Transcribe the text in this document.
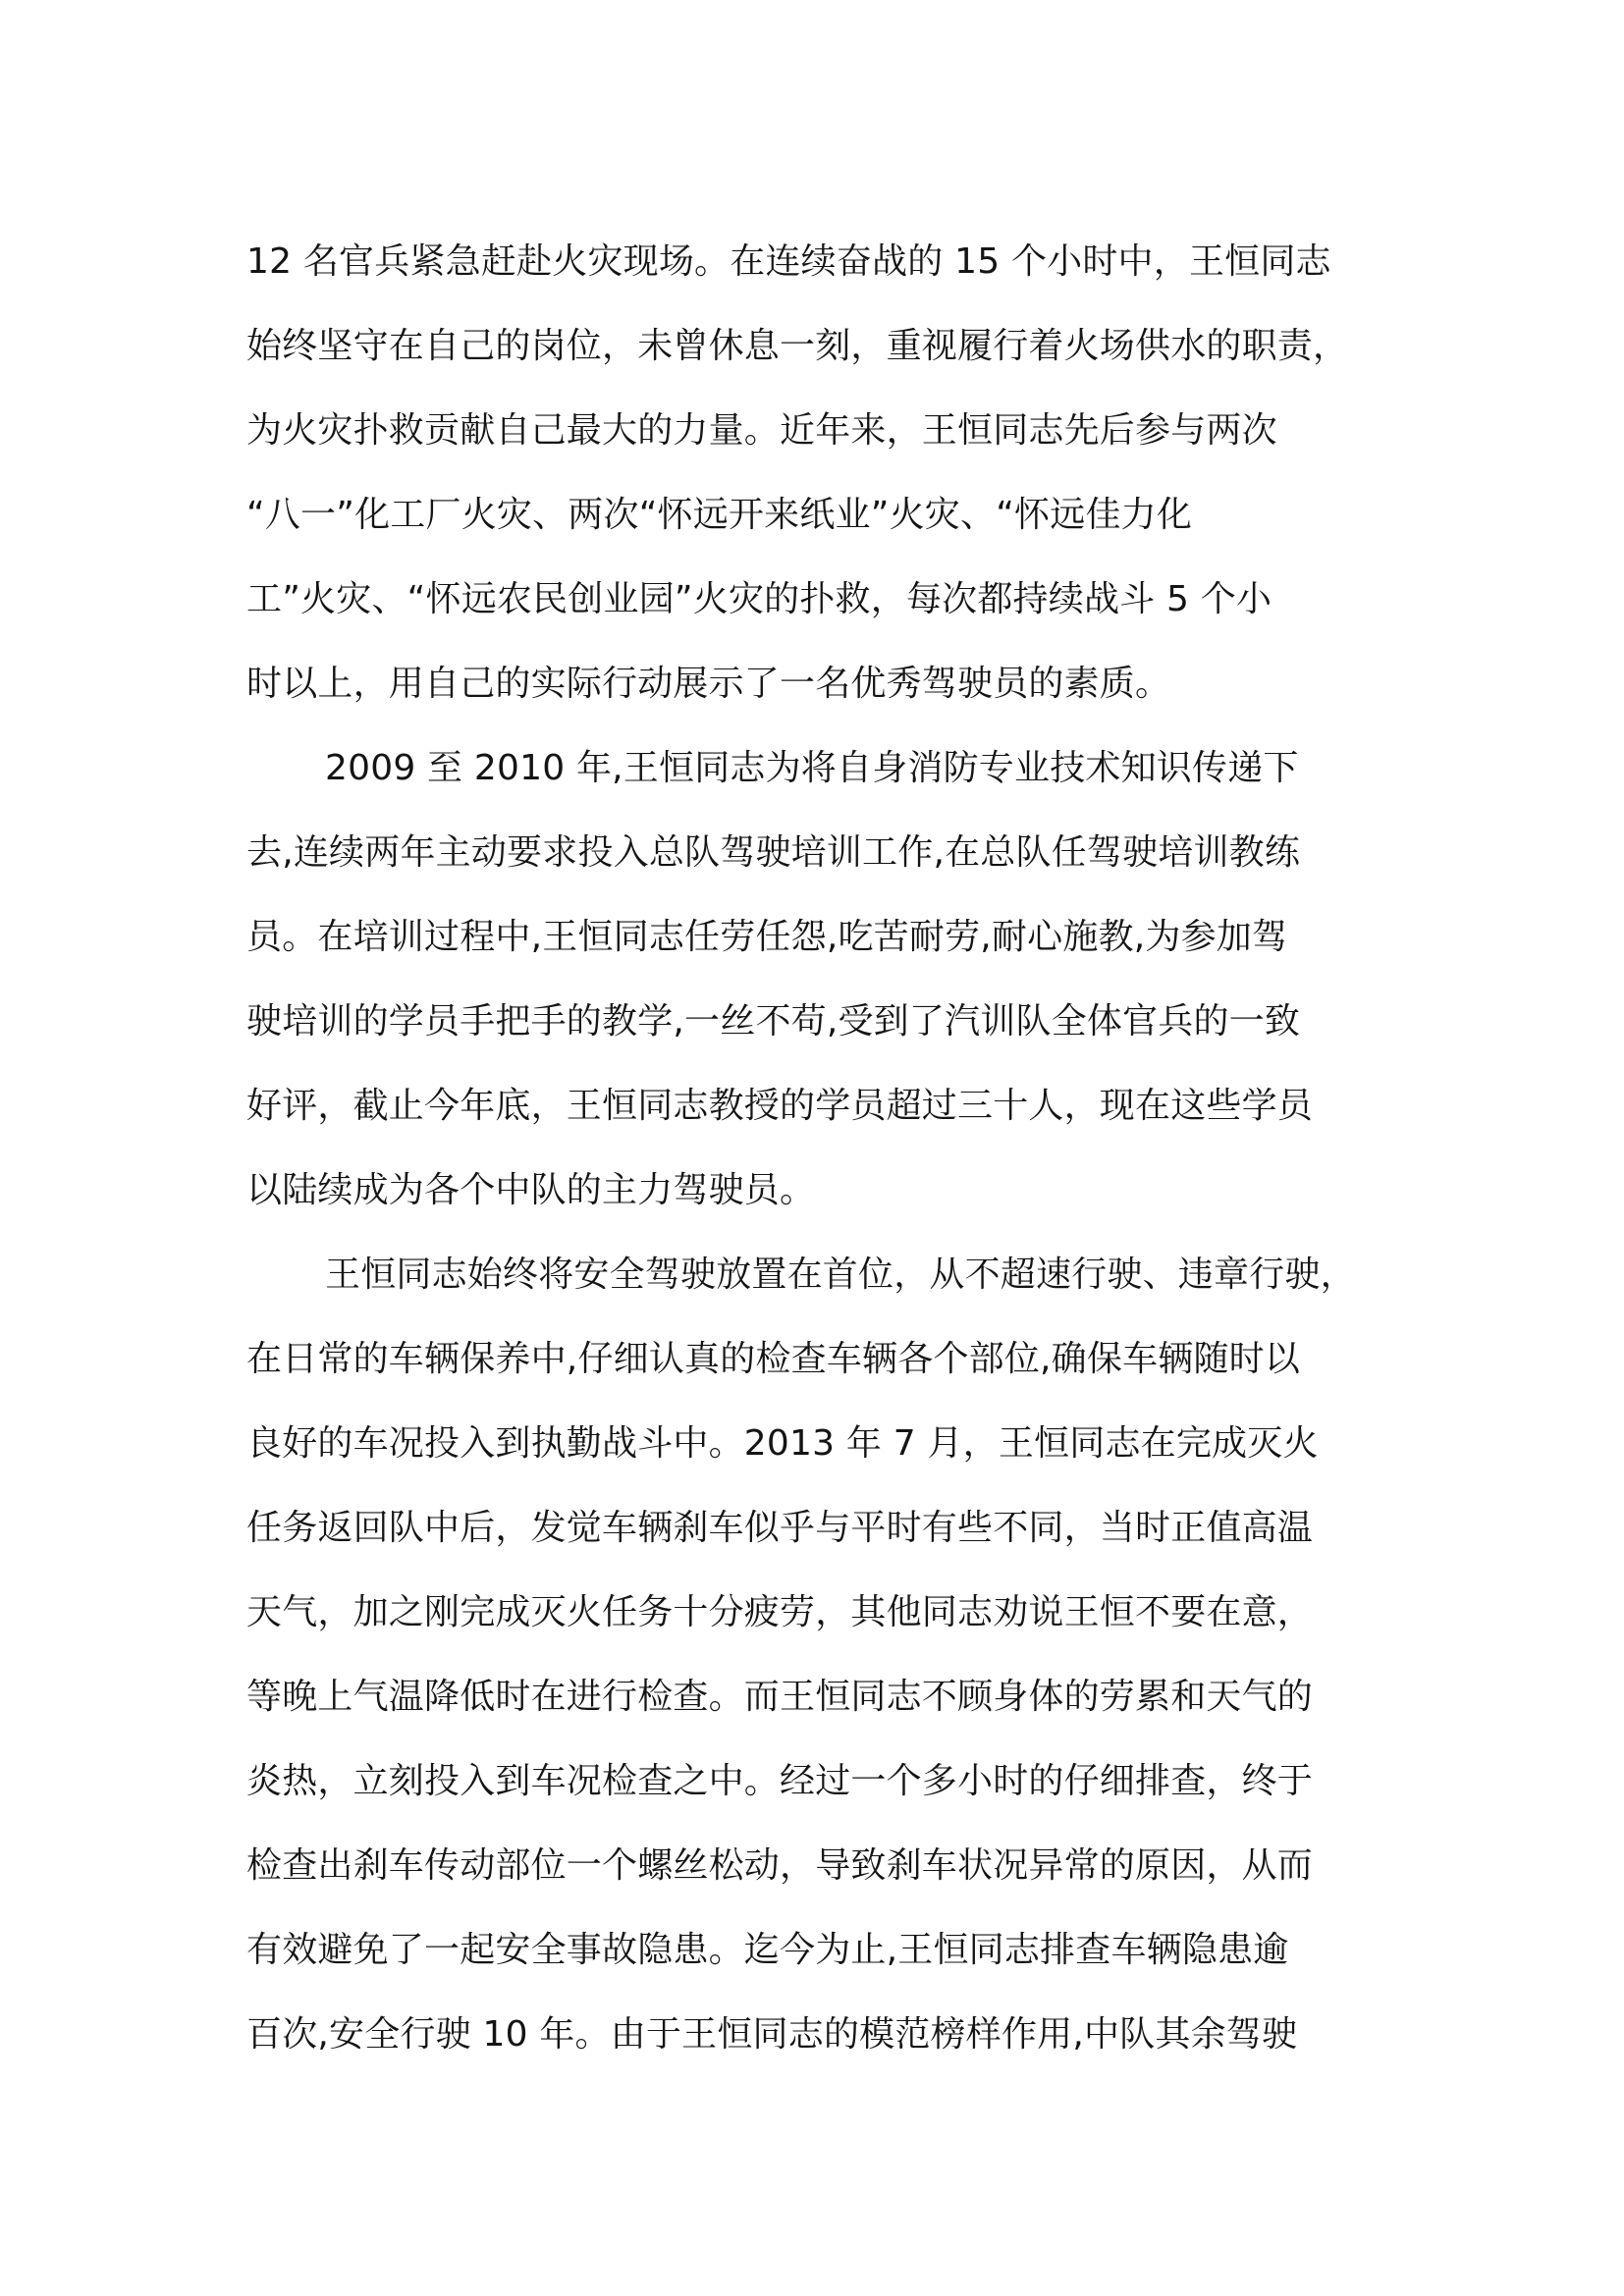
12 名官兵紧急赶赴火灾现场。在连续奋战的 15 个小时中，王恒同志
始终坚守在自己的岗位，未曾休息一刻，重视履行着火场供水的职责，
为火灾扑救贡献自己最大的力量。近年来，王恒同志先后参与两次
“八一”化工厂火灾、两次“怀远开来纸业”火灾、“怀远佳力化
工”火灾、“怀远农民创业园”火灾的扑救，每次都持续战斗 5 个小
时以上，用自己的实际行动展示了一名优秀驾驶员的素质。
2009 至 2010 年,王恒同志为将自身消防专业技术知识传递下
去,连续两年主动要求投入总队驾驶培训工作,在总队任驾驶培训教练
员。在培训过程中,王恒同志任劳任怨,吃苦耐劳,耐心施教,为参加驾
驶培训的学员手把手的教学,一丝不苟,受到了汽训队全体官兵的一致
好评，截止今年底，王恒同志教授的学员超过三十人，现在这些学员
以陆续成为各个中队的主力驾驶员。
王恒同志始终将安全驾驶放置在首位，从不超速行驶、违章行驶，
在日常的车辆保养中,仔细认真的检查车辆各个部位,确保车辆随时以
良好的车况投入到执勤战斗中。2013 年 7 月，王恒同志在完成灭火
任务返回队中后，发觉车辆刹车似乎与平时有些不同，当时正值高温
天气，加之刚完成灭火任务十分疲劳，其他同志劝说王恒不要在意，
等晚上气温降低时在进行检查。而王恒同志不顾身体的劳累和天气的
炎热，立刻投入到车况检查之中。经过一个多小时的仔细排查，终于
检查出刹车传动部位一个螺丝松动，导致刹车状况异常的原因，从而
有效避免了一起安全事故隐患。迄今为止,王恒同志排查车辆隐患逾
百次,安全行驶 10 年。由于王恒同志的模范榜样作用,中队其余驾驶
